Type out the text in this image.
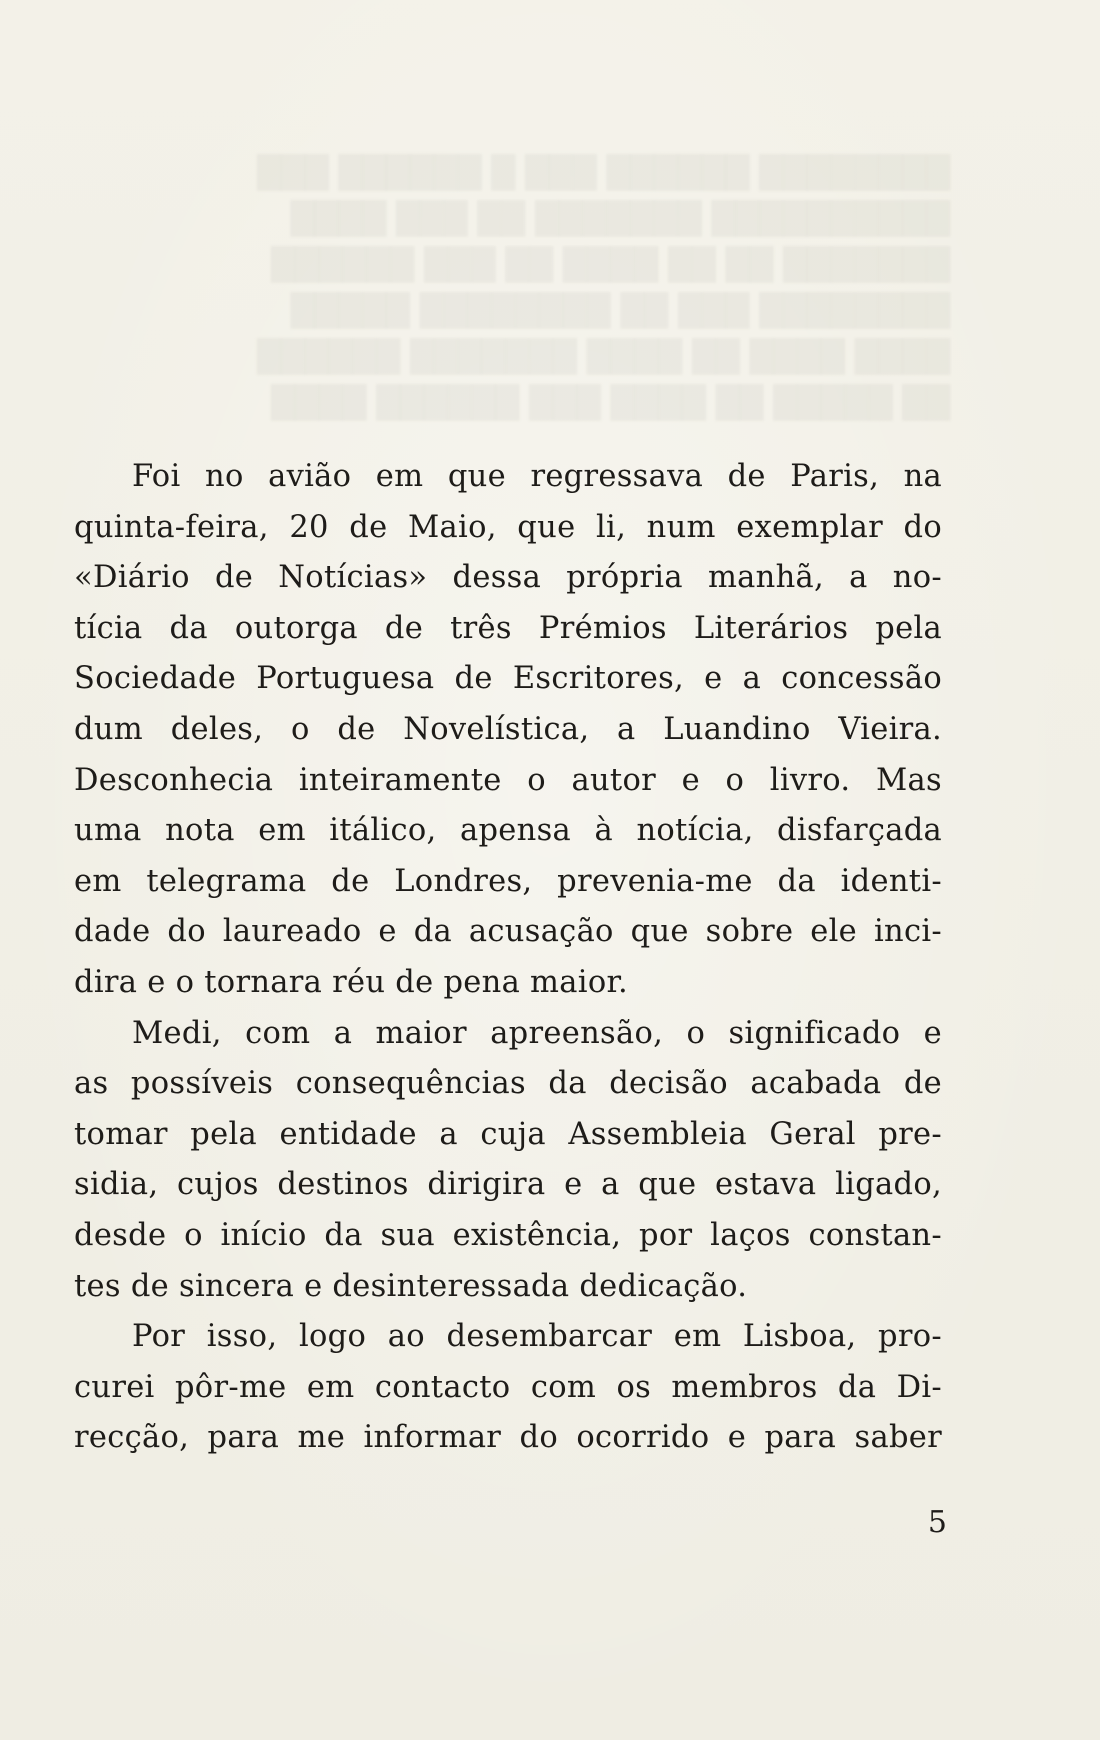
████████ ██████ ███ █ ██████ ███
██████████ ███████ ██ ███ ████
███████ ██ ██ ████ ██ ███ ██████
████████ ███ ██ ████████ █████
████ ████ ██ ████ ███████ ██████
██ █████ ██ ████ ███ ██████ ████
Foi no avião em que regressava de Paris, na
quinta-feira, 20 de Maio, que li, num exemplar do
«Diário de Notícias» dessa própria manhã, a no-
tícia da outorga de três Prémios Literários pela
Sociedade Portuguesa de Escritores, e a concessão
dum deles, o de Novelística, a Luandino Vieira.
Desconhecia inteiramente o autor e o livro. Mas
uma nota em itálico, apensa à notícia, disfarçada
em telegrama de Londres, prevenia-me da identi-
dade do laureado e da acusação que sobre ele inci-
dira e o tornara réu de pena maior.
Medi, com a maior apreensão, o significado e
as possíveis consequências da decisão acabada de
tomar pela entidade a cuja Assembleia Geral pre-
sidia, cujos destinos dirigira e a que estava ligado,
desde o início da sua existência, por laços constan-
tes de sincera e desinteressada dedicação.
Por isso, logo ao desembarcar em Lisboa, pro-
curei pôr-me em contacto com os membros da Di-
recção, para me informar do ocorrido e para saber
5
